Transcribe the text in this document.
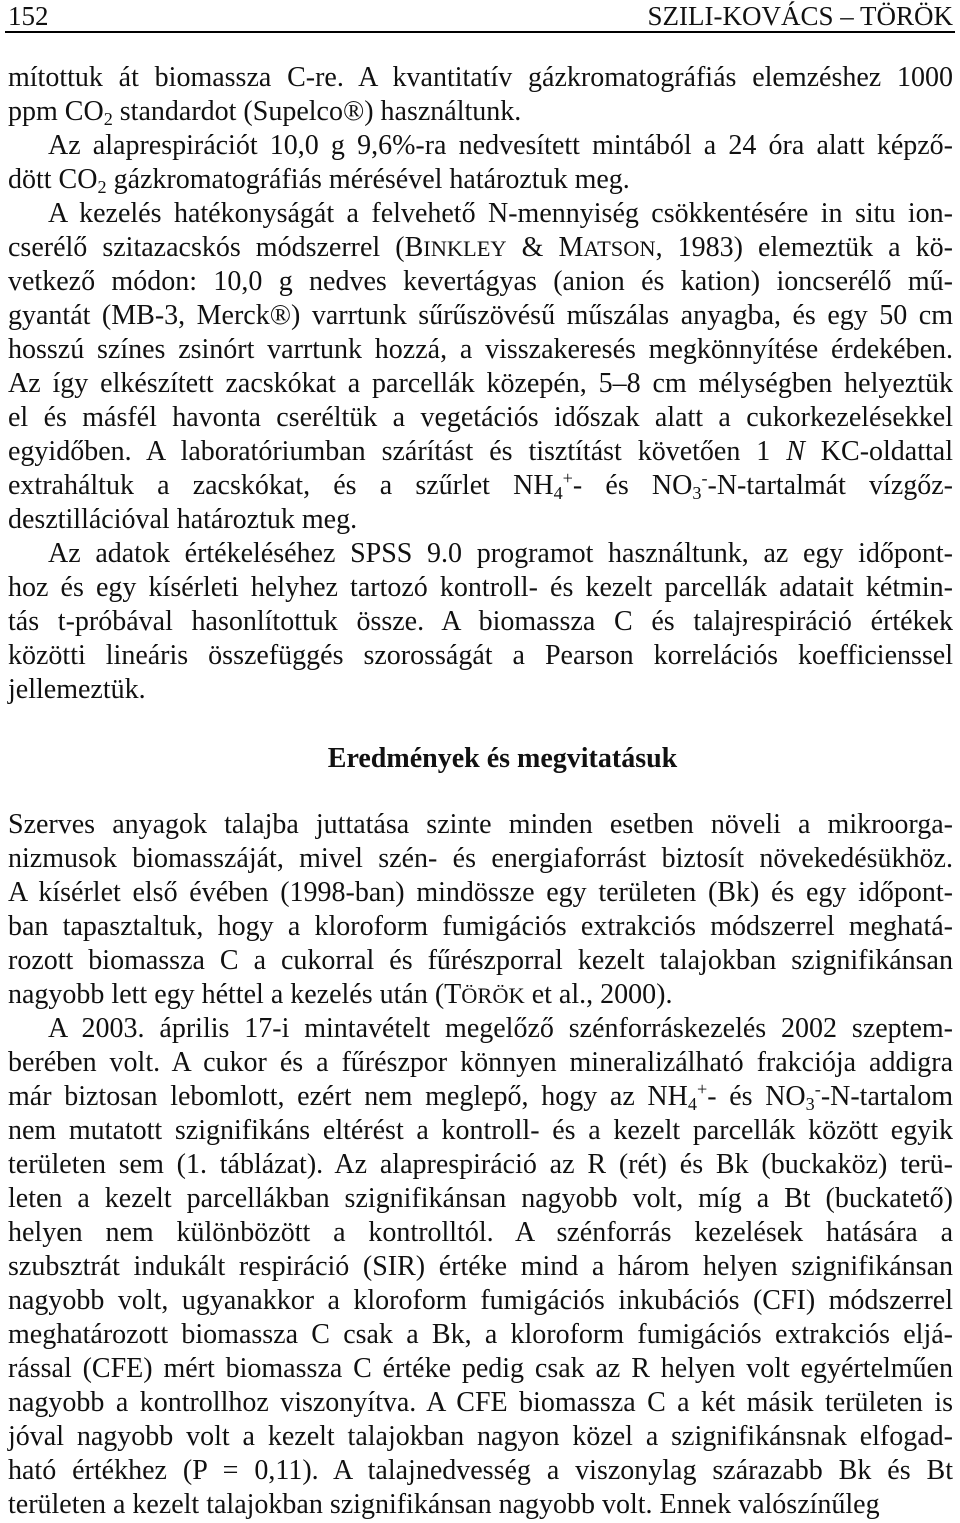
152	SZILI-KOVÁCS – TÖRÖK
mítottuk át biomassza C-re. A kvantitatív gázkromatográfiás elemzéshez 1000
ppm CO2 standardot (Supelco®) használtunk.
Az alaprespirációt 10,0 g 9,6%-ra nedvesített mintából a 24 óra alatt képző-
dött CO2 gázkromatográfiás mérésével határoztuk meg.
A kezelés hatékonyságát a felvehető N-mennyiség csökkentésére in situ ion-
cserélő szitazacskós módszerrel (BINKLEY & MATSON, 1983) elemeztük a kö-
vetkező módon: 10,0 g nedves kevertágyas (anion és kation) ioncserélő mű-
gyantát (MB-3, Merck®) varrtunk sűrűszövésű műszálas anyagba, és egy 50 cm
hosszú színes zsinórt varrtunk hozzá, a visszakeresés megkönnyítése érdekében.
Az így elkészített zacskókat a parcellák közepén, 5–8 cm mélységben helyeztük
el és másfél havonta cseréltük a vegetációs időszak alatt a cukorkezelésekkel
egyidőben. A laboratóriumban szárítást és tisztítást követően 1 N KC-oldattal
extraháltuk a zacskókat, és a szűrlet NH4+- és NO3--N-tartalmát vízgőz-
desztillációval határoztuk meg.
Az adatok értékeléséhez SPSS 9.0 programot használtunk, az egy időpont-
hoz és egy kísérleti helyhez tartozó kontroll- és kezelt parcellák adatait kétmin-
tás t-próbával hasonlítottuk össze. A biomassza C és talajrespiráció értékek
közötti lineáris összefüggés szorosságát a Pearson korrelációs koefficienssel
jellemeztük.
Eredmények és megvitatásuk
Szerves anyagok talajba juttatása szinte minden esetben növeli a mikroorga-
nizmusok biomasszáját, mivel szén- és energiaforrást biztosít növekedésükhöz.
A kísérlet első évében (1998-ban) mindössze egy területen (Bk) és egy időpont-
ban tapasztaltuk, hogy a kloroform fumigációs extrakciós módszerrel meghatá-
rozott biomassza C a cukorral és fűrészporral kezelt talajokban szignifikánsan
nagyobb lett egy héttel a kezelés után (TÖRÖK et al., 2000).
A 2003. április 17-i mintavételt megelőző szénforráskezelés 2002 szeptem-
berében volt. A cukor és a fűrészpor könnyen mineralizálható frakciója addigra
már biztosan lebomlott, ezért nem meglepő, hogy az NH4+- és NO3--N-tartalom
nem mutatott szignifikáns eltérést a kontroll- és a kezelt parcellák között egyik
területen sem (1. táblázat). Az alaprespiráció az R (rét) és Bk (buckaköz) terü-
leten a kezelt parcellákban szignifikánsan nagyobb volt, míg a Bt (buckatető)
helyen nem különbözött a kontrolltól. A szénforrás kezelések hatására a
szubsztrát indukált respiráció (SIR) értéke mind a három helyen szignifikánsan
nagyobb volt, ugyanakkor a kloroform fumigációs inkubációs (CFI) módszerrel
meghatározott biomassza C csak a Bk, a kloroform fumigációs extrakciós eljá-
rással (CFE) mért biomassza C értéke pedig csak az R helyen volt egyértelműen
nagyobb a kontrollhoz viszonyítva. A CFE biomassza C a két másik területen is
jóval nagyobb volt a kezelt talajokban nagyon közel a szignifikánsnak elfogad-
ható értékhez (P = 0,11). A talajnedvesség a viszonylag szárazabb Bk és Bt
területen a kezelt talajokban szignifikánsan nagyobb volt. Ennek valószínűleg
